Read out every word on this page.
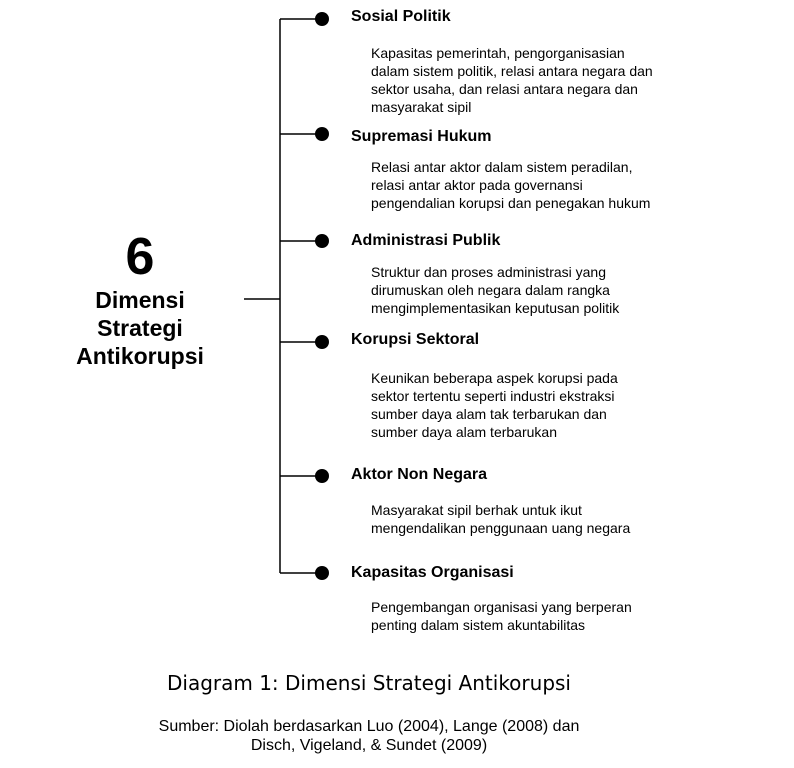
6
Dimensi
Strategi
Antikorupsi
Sosial Politik
Kapasitas pemerintah, pengorganisasian
dalam sistem politik, relasi antara negara dan
sektor usaha, dan relasi antara negara dan
masyarakat sipil
Supremasi Hukum
Relasi antar aktor dalam sistem peradilan,
relasi antar aktor pada governansi
pengendalian korupsi dan penegakan hukum
Administrasi Publik
Struktur dan proses administrasi yang
dirumuskan oleh negara dalam rangka
mengimplementasikan keputusan politik
Korupsi Sektoral
Keunikan beberapa aspek korupsi pada
sektor tertentu seperti industri ekstraksi
sumber daya alam tak terbarukan dan
sumber daya alam terbarukan
Aktor Non Negara
Masyarakat sipil berhak untuk ikut
mengendalikan penggunaan uang negara
Kapasitas Organisasi
Pengembangan organisasi yang berperan
penting dalam sistem akuntabilitas
Diagram 1: Dimensi Strategi Antikorupsi
Sumber: Diolah berdasarkan Luo (2004), Lange (2008) dan
Disch, Vigeland, & Sundet (2009)
